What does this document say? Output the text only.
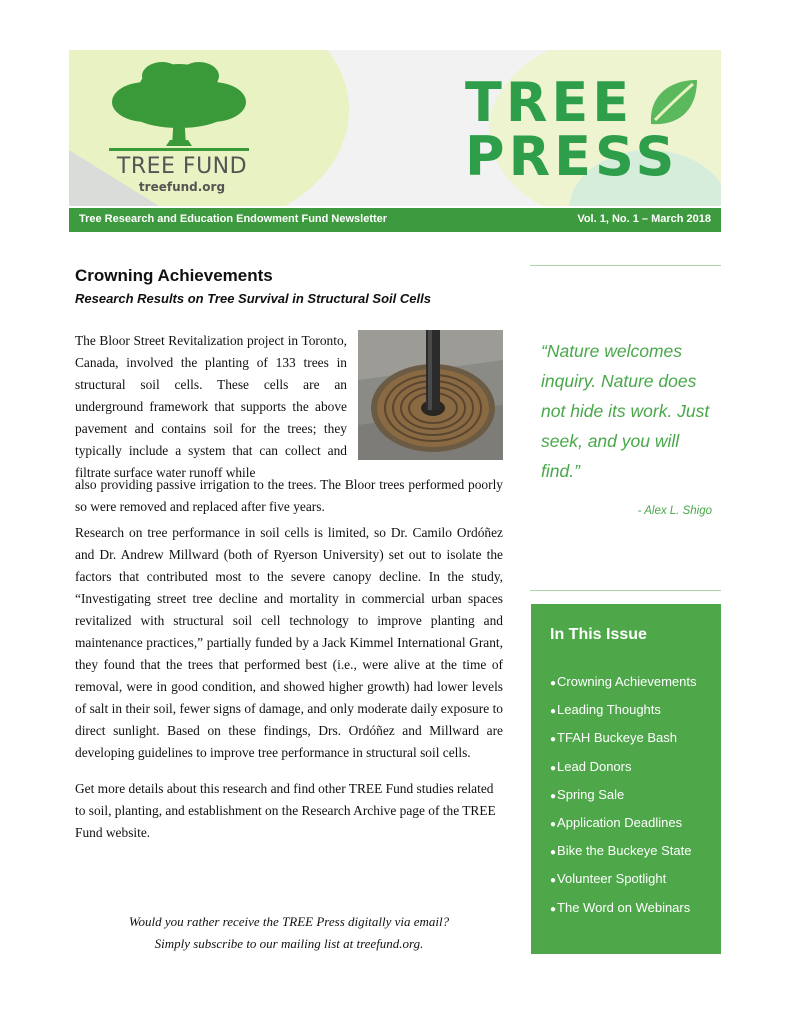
TREE FUND
treefund.org
TREE
PRESS
Tree Research and Education Endowment Fund Newsletter	Vol. 1, No. 1 – March 2018
Crowning Achievements
Research Results on Tree Survival in Structural Soil Cells
The Bloor Street Revitalization project in Toronto, Canada, involved the planting of 133 trees in structural soil cells. These cells are an underground framework that supports the above pavement and contains soil for the trees; they typically include a system that can collect and filtrate surface water runoff while
also providing passive irrigation to the trees. The Bloor trees performed poorly so were removed and replaced after five years.
Research on tree performance in soil cells is limited, so Dr. Camilo Ordóñez and Dr. Andrew Millward (both of Ryerson University) set out to isolate the factors that contributed most to the severe canopy decline. In the study, “Investigating street tree decline and mortality in commercial urban spaces revitalized with structural soil cell technology to improve planting and maintenance practices,” partially funded by a Jack Kimmel International Grant, they found that the trees that performed best (i.e., were alive at the time of removal, were in good condition, and showed higher growth) had lower levels of salt in their soil, fewer signs of damage, and only moderate daily exposure to direct sunlight. Based on these findings, Drs. Ordóñez and Millward are developing guidelines to improve tree performance in structural soil cells.
Get more details about this research and find other TREE Fund studies related to soil, planting, and establishment on the Research Archive page of the TREE Fund website.
Would you rather receive the TREE Press digitally via email?
Simply subscribe to our mailing list at treefund.org.
“Nature welcomes inquiry. Nature does not hide its work. Just seek, and you will find.”
- Alex L. Shigo
In This Issue
●Crowning Achievements
●Leading Thoughts
●TFAH Buckeye Bash
●Lead Donors
●Spring Sale
●Application Deadlines
●Bike the Buckeye State
●Volunteer Spotlight
●The Word on Webinars
